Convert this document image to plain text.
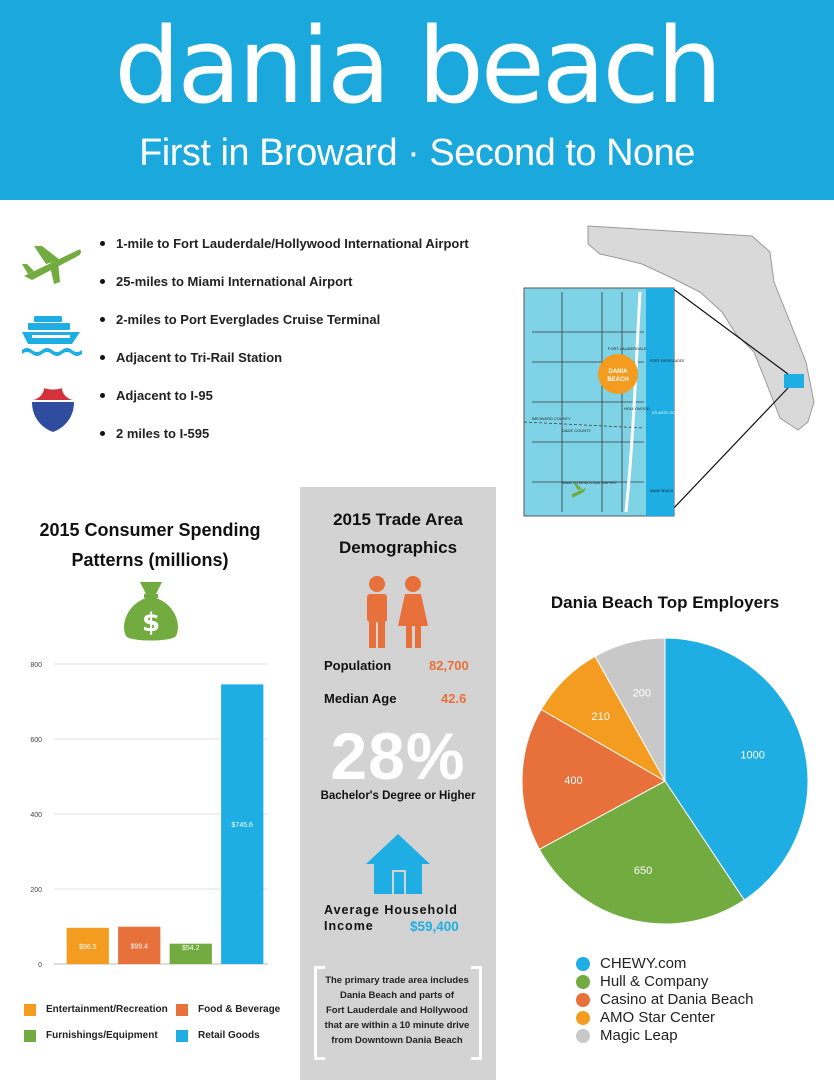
dania beach
First in Broward · Second to None
1-mile to Fort Lauderdale/Hollywood International Airport
25-miles to Miami International Airport
2-miles to Port Everglades Cruise Terminal
Adjacent to Tri-Rail Station
Adjacent to I-95
2 miles to I-595
DANIA
BEACH
FORT LAUDERDALE
HOLLYWOOD
ATLANTIC OCEAN
BROWARD COUNTY
DADE COUNTY
MIAMI BEACH
MIAMI INTERNATIONAL AIRPORT
PORT EVERGLADES
2015 Consumer Spending
Patterns (millions)
$
0
200
400
600
800
$96.5	$99.4	$54.2
$745.6
Entertainment/Recreation	Food & Beverage
Furnishings/Equipment	Retail Goods
2015 Trade Area
Demographics
Population	82,700
Median Age	42.6
28%
Bachelor's Degree or Higher
Average Household
Income	$59,400
The primary trade area includes
Dania Beach and parts of
Fort Lauderdale and Hollywood
that are within a 10 minute drive
from Downtown Dania Beach
Dania Beach Top Employers
1000
650
400
210
200
CHEWY.com
Hull & Company
Casino at Dania Beach
AMO Star Center
Magic Leap
